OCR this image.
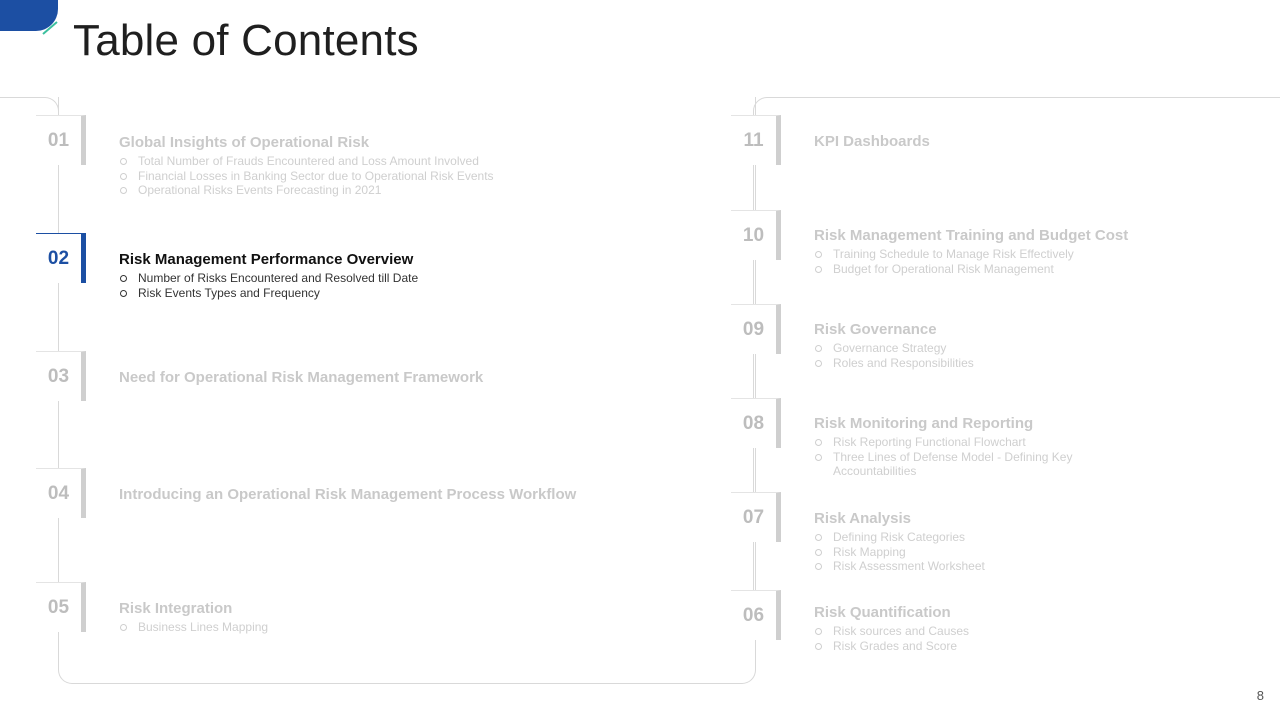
Table of Contents
01	Global Insights of Operational Risk
Total Number of Frauds Encountered and Loss Amount Involved
Financial Losses in Banking Sector due to Operational Risk Events
Operational Risks Events Forecasting in 2021
02	Risk Management Performance Overview
Number of Risks Encountered and Resolved till Date
Risk Events Types and Frequency
03	Need for Operational Risk Management Framework
04	Introducing an Operational Risk Management Process Workflow
05	Risk Integration
Business Lines Mapping
11	KPI Dashboards
10	Risk Management Training and Budget Cost
Training Schedule to Manage Risk Effectively
Budget for Operational Risk Management
09	Risk Governance
Governance Strategy
Roles and Responsibilities
08	Risk Monitoring and Reporting
Risk Reporting Functional Flowchart
Three Lines of Defense Model - Defining Key Accountabilities
07	Risk Analysis
Defining Risk Categories
Risk Mapping
Risk Assessment Worksheet
06	Risk Quantification
Risk sources and Causes
Risk Grades and Score
8
